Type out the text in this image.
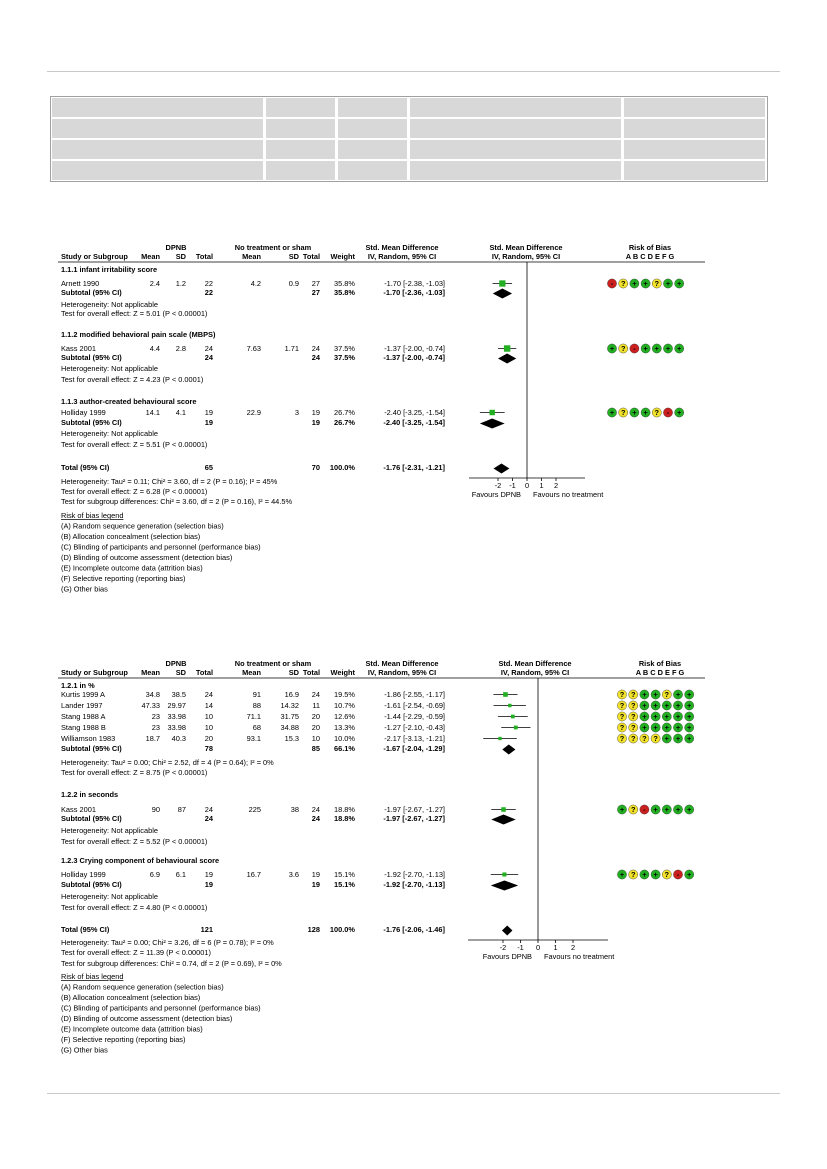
DPNB	No treatment or sham	Std. Mean Difference	Std. Mean Difference	Risk of Bias
Study or Subgroup Mean SD Total	Mean	SD Total Weight IV, Random, 95% CI	IV, Random, 95% CI	A B C D E F G
1.1.1 infant irritability score
Arnett 1990	2.4 1.2	22	4.2	0.9 27 35.8%	-1.70 [-2.38, -1.03]	- ? + + ? + +
Subtotal (95% CI)	22	27 35.8%	-1.70 [-2.36, -1.03]
Heterogeneity: Not applicable
Test for overall effect: Z = 5.01 (P < 0.00001)
1.1.2 modified behavioral pain scale (MBPS)
Kass 2001	4.4 2.8	24	7.63	1.71 24 37.5%	-1.37 [-2.00, -0.74]	+ ? - + + + +
Subtotal (95% CI)	24	24 37.5%	-1.37 [-2.00, -0.74]
Heterogeneity: Not applicable
Test for overall effect: Z = 4.23 (P < 0.0001)
1.1.3 author-created behavioural score
Holliday 1999	14.1 4.1	19	22.9	3 19 26.7%	-2.40 [-3.25, -1.54]	+ ? + + ? - +
Subtotal (95% CI)	19	19 26.7%	-2.40 [-3.25, -1.54]
Heterogeneity: Not applicable
Test for overall effect: Z = 5.51 (P < 0.00001)
Total (95% CI)	65	70 100.0%	-1.76 [-2.31, -1.21]
-2 -1 0 1 2
Favours DPNB Favours no treatment
Heterogeneity: Tau² = 0.11; Chi² = 3.60, df = 2 (P = 0.16); I² = 45%
Test for overall effect: Z = 6.28 (P < 0.00001)
Test for subgroup differences: Chi² = 3.60, df = 2 (P = 0.16), I² = 44.5%
Risk of bias legend
(A) Random sequence generation (selection bias)
(B) Allocation concealment (selection bias)
(C) Blinding of participants and personnel (performance bias)
(D) Blinding of outcome assessment (detection bias)
(E) Incomplete outcome data (attrition bias)
(F) Selective reporting (reporting bias)
(G) Other bias
DPNB	No treatment or sham	Std. Mean Difference	Std. Mean Difference	Risk of Bias
Study or Subgroup Mean SD Total	Mean	SD Total Weight IV, Random, 95% CI	IV, Random, 95% CI	A B C D E F G
1.2.1 in %
Kurtis 1999 A	34.8 38.5	24	91	16.9 24 19.5%	-1.86 [-2.55, -1.17]	? ? + + ? + +
Lander 1997	47.33 29.97	14	88	14.32 11 10.7%	-1.61 [-2.54, -0.69]	? ? + + + + +
Stang 1988 A	23 33.98	10	71.1	31.75 20 12.6%	-1.44 [-2.29, -0.59]	? ? + + + + +
Stang 1988 B	23 33.98	10	68	34.88 20 13.3%	-1.27 [-2.10, -0.43]	? ? + + + + +
Williamson 1983	18.7 40.3	20	93.1	15.3 10 10.0%	-2.17 [-3.13, -1.21]	? ? ? ? + + +
Subtotal (95% CI)	78	85 66.1%	-1.67 [-2.04, -1.29]
Heterogeneity: Tau² = 0.00; Chi² = 2.52, df = 4 (P = 0.64); I² = 0%
Test for overall effect: Z = 8.75 (P < 0.00001)
1.2.2 in seconds
Kass 2001	90 87	24	225	38 24 18.8%	-1.97 [-2.67, -1.27]	+ ? - + + + +
Subtotal (95% CI)	24	24 18.8%	-1.97 [-2.67, -1.27]
Heterogeneity: Not applicable
Test for overall effect: Z = 5.52 (P < 0.00001)
1.2.3 Crying component of behavioural score
Holliday 1999	6.9 6.1	19	16.7	3.6 19 15.1%	-1.92 [-2.70, -1.13]	+ ? + + ? - +
Subtotal (95% CI)	19	19 15.1%	-1.92 [-2.70, -1.13]
Heterogeneity: Not applicable
Test for overall effect: Z = 4.80 (P < 0.00001)
Total (95% CI)	121	128 100.0%	-1.76 [-2.06, -1.46]
-2 -1 0 1 2
Favours DPNB Favours no treatment
Heterogeneity: Tau² = 0.00; Chi² = 3.26, df = 6 (P = 0.78); I² = 0%
Test for overall effect: Z = 11.39 (P < 0.00001)
Test for subgroup differences: Chi² = 0.74, df = 2 (P = 0.69), I² = 0%
Risk of bias legend
(A) Random sequence generation (selection bias)
(B) Allocation concealment (selection bias)
(C) Blinding of participants and personnel (performance bias)
(D) Blinding of outcome assessment (detection bias)
(E) Incomplete outcome data (attrition bias)
(F) Selective reporting (reporting bias)
(G) Other bias
